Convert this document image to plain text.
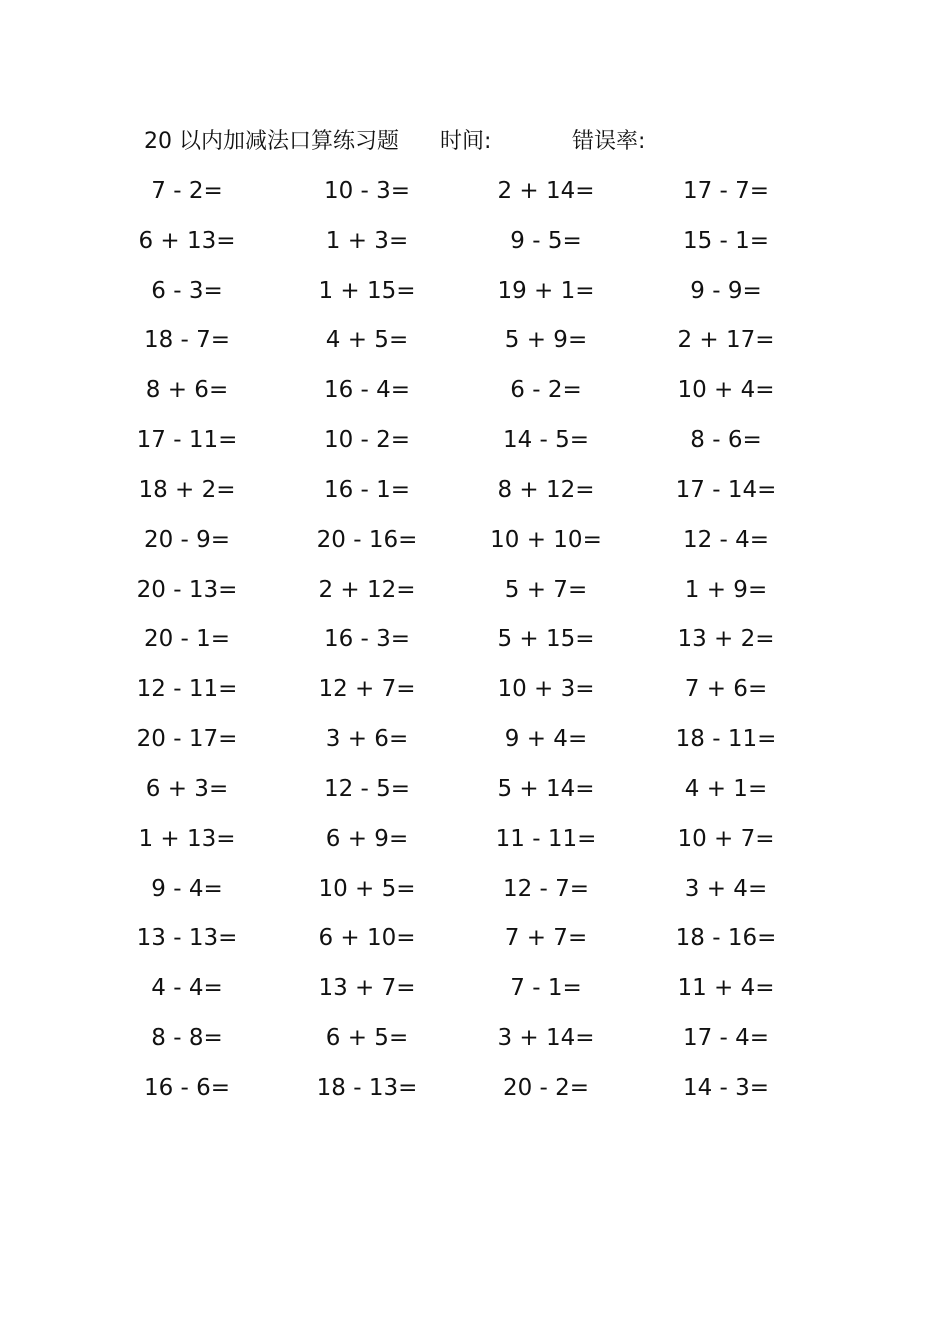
20 以内加减法口算练习题 时间:	错误率:
7 - 2=
6 + 13=
6 - 3=
18 - 7=
8 + 6=
17 - 11=
18 + 2=
20 - 9=
20 - 13=
20 - 1=
12 - 11=
20 - 17=
6 + 3=
1 + 13=
9 - 4=
13 - 13=
4 - 4=
8 - 8=
16 - 6=
10 - 3=
1 + 3=
1 + 15=
4 + 5=
16 - 4=
10 - 2=
16 - 1=
20 - 16=
2 + 12=
16 - 3=
12 + 7=
3 + 6=
12 - 5=
6 + 9=
10 + 5=
6 + 10=
13 + 7=
6 + 5=
18 - 13=
2 + 14=
9 - 5=
19 + 1=
5 + 9=
6 - 2=
14 - 5=
8 + 12=
10 + 10=
5 + 7=
5 + 15=
10 + 3=
9 + 4=
5 + 14=
11 - 11=
12 - 7=
7 + 7=
7 - 1=
3 + 14=
20 - 2=
17 - 7=
15 - 1=
9 - 9=
2 + 17=
10 + 4=
8 - 6=
17 - 14=
12 - 4=
1 + 9=
13 + 2=
7 + 6=
18 - 11=
4 + 1=
10 + 7=
3 + 4=
18 - 16=
11 + 4=
17 - 4=
14 - 3=
